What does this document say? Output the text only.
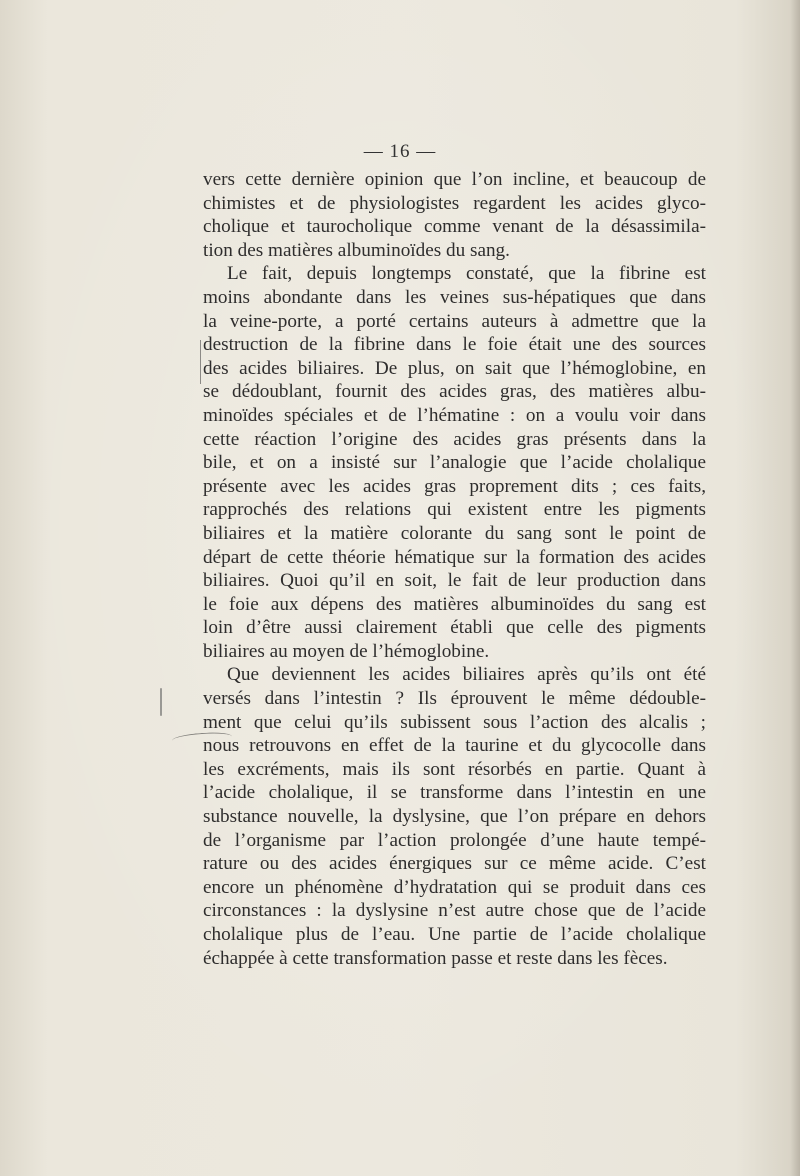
— 16 —
vers cette dernière opinion que l’on incline, et beaucoup de
chimistes et de physiologistes regardent les acides glyco-
cholique et taurocholique comme venant de la désassimila-
tion des matières albuminoïdes du sang.
Le fait, depuis longtemps constaté, que la fibrine est
moins abondante dans les veines sus-hépatiques que dans
la veine-porte, a porté certains auteurs à admettre que la
destruction de la fibrine dans le foie était une des sources
des acides biliaires. De plus, on sait que l’hémoglobine, en
se dédoublant, fournit des acides gras, des matières albu-
minoïdes spéciales et de l’hématine : on a voulu voir dans
cette réaction l’origine des acides gras présents dans la
bile, et on a insisté sur l’analogie que l’acide cholalique
présente avec les acides gras proprement dits ; ces faits,
rapprochés des relations qui existent entre les pigments
biliaires et la matière colorante du sang sont le point de
départ de cette théorie hématique sur la formation des acides
biliaires. Quoi qu’il en soit, le fait de leur production dans
le foie aux dépens des matières albuminoïdes du sang est
loin d’être aussi clairement établi que celle des pigments
biliaires au moyen de l’hémoglobine.
Que deviennent les acides biliaires après qu’ils ont été
versés dans l’intestin ? Ils éprouvent le même dédouble-
ment que celui qu’ils subissent sous l’action des alcalis ;
nous retrouvons en effet de la taurine et du glycocolle dans
les excréments, mais ils sont résorbés en partie. Quant à
l’acide cholalique, il se transforme dans l’intestin en une
substance nouvelle, la dyslysine, que l’on prépare en dehors
de l’organisme par l’action prolongée d’une haute tempé-
rature ou des acides énergiques sur ce même acide. C’est
encore un phénomène d’hydratation qui se produit dans ces
circonstances : la dyslysine n’est autre chose que de l’acide
cholalique plus de l’eau. Une partie de l’acide cholalique
échappée à cette transformation passe et reste dans les fèces.
